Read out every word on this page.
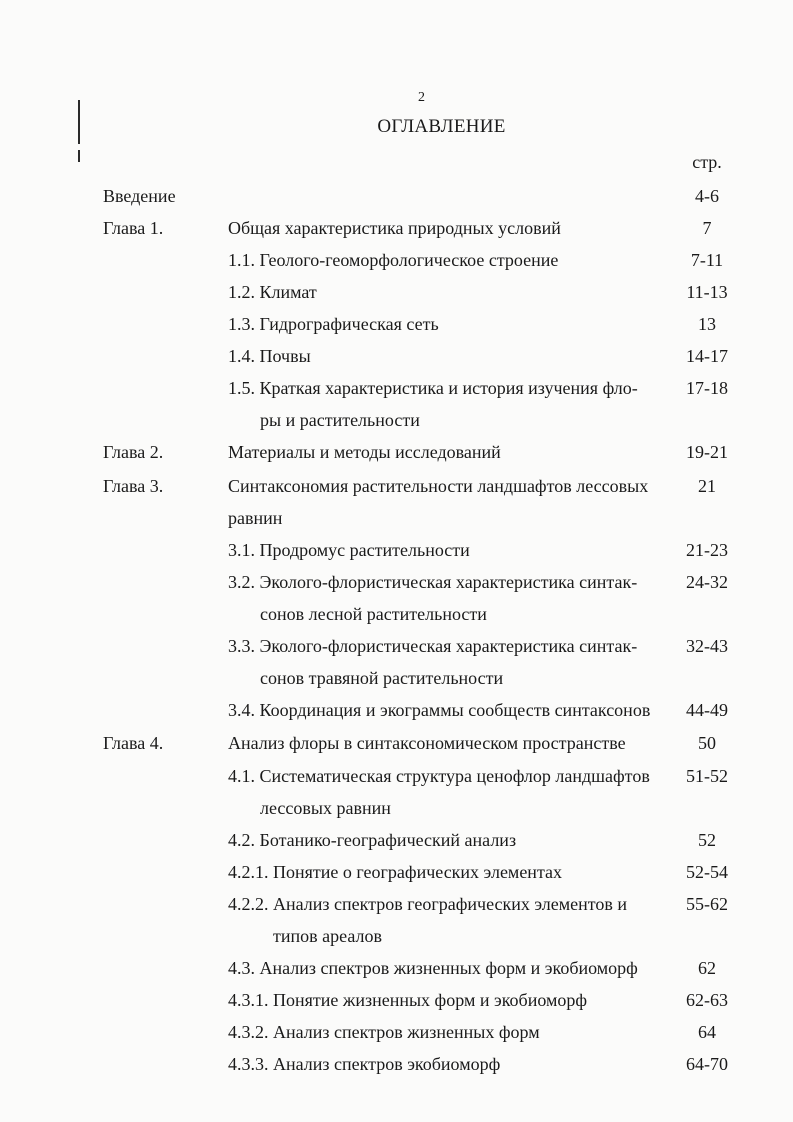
2
ОГЛАВЛЕНИЕ
стр.
Введение	4-6
Глава 1.	Общая характеристика природных условий	7
1.1. Геолого-геоморфологическое строение	7-11
1.2. Климат	11-13
1.3. Гидрографическая сеть	13
1.4. Почвы	14-17
1.5. Краткая характеристика и история изучения фло-	17-18
ры и растительности
Глава 2.	Материалы и методы исследований	19-21
Глава 3.	Синтаксономия растительности ландшафтов лессовых	21
равнин
3.1. Продромус растительности	21-23
3.2. Эколого-флористическая характеристика синтак-	24-32
сонов лесной растительности
3.3. Эколого-флористическая характеристика синтак-	32-43
сонов травяной растительности
3.4. Координация и экограммы сообществ синтаксонов	44-49
Глава 4.	Анализ флоры в синтаксономическом пространстве	50
4.1. Систематическая структура ценофлор ландшафтов	51-52
лессовых равнин
4.2. Ботанико-географический анализ	52
4.2.1. Понятие о географических элементах	52-54
4.2.2. Анализ спектров географических элементов и	55-62
типов ареалов
4.3. Анализ спектров жизненных форм и экобиоморф	62
4.3.1. Понятие жизненных форм и экобиоморф	62-63
4.3.2. Анализ спектров жизненных форм	64
4.3.3. Анализ спектров экобиоморф	64-70
